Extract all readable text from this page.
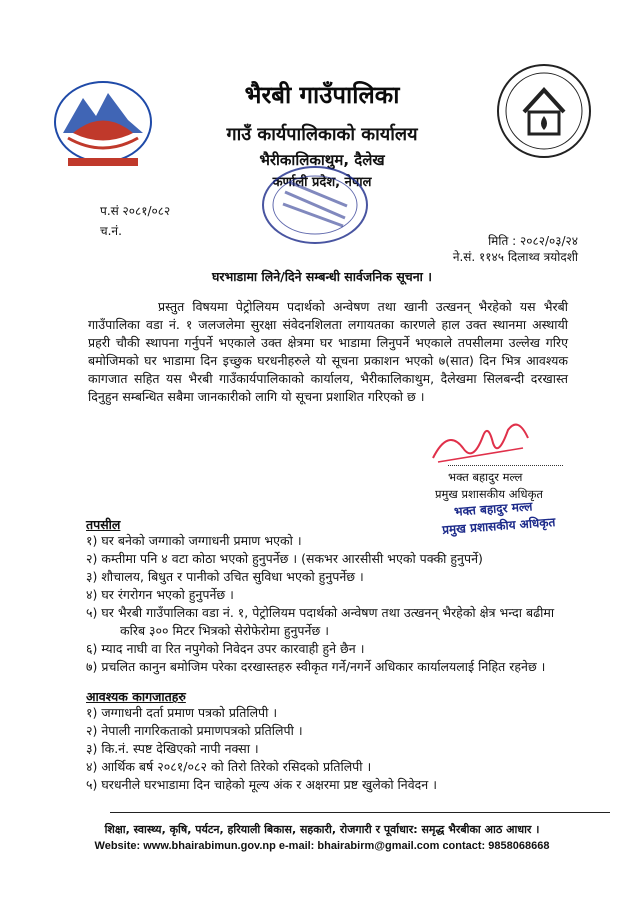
भैरबी गाउँपालिका
गाउँ कार्यपालिकाको कार्यालय
भैरीकालिकाथुम, दैलेख
कर्णाली प्रदेश, नेपाल
प.सं २०८१/०८२
च.नं.
मिति : २०८२/०३/२४
ने.सं. ११४५ दिलाथ्व त्रयोदशी
घरभाडामा लिने/दिने सम्बन्धी सार्वजनिक सूचना ।
प्रस्तुत विषयमा पेट्रोलियम पदार्थको अन्वेषण तथा खानी उत्खनन् भैरहेको यस भैरबी गाउँपालिका वडा नं. १ जलजलेमा सुरक्षा संवेदनशिलता लगायतका कारणले हाल उक्त स्थानमा अस्थायी प्रहरी चौकी स्थापना गर्नुपर्ने भएकाले उक्त क्षेत्रमा घर भाडामा लिनुपर्ने भएकाले तपसीलमा उल्लेख गरिए बमोजिमको घर भाडामा दिन इच्छुक घरधनीहरुले यो सूचना प्रकाशन भएको ७(सात) दिन भित्र आवश्यक कागजात सहित यस भैरबी गाउँकार्यपालिकाको कार्यालय, भैरीकालिकाथुम, दैलेखमा सिलबन्दी दरखास्त दिनुहुन सम्बन्धित सबैमा जानकारीको लागि यो सूचना प्रशाशित गरिएको छ ।
भक्त बहादुर मल्ल
प्रमुख प्रशासकीय अधिकृत
भक्त बहादुर मल्ल
प्रमुख प्रशासकीय अधिकृत
तपसील
१) घर बनेको जग्गाको जग्गाधनी प्रमाण भएको ।
२) कम्तीमा पनि ४ वटा कोठा भएको हुनुपर्नेछ । (सकभर आरसीसी भएको पक्की हुनुपर्ने)
३) शौचालय, बिधुत र पानीको उचित सुविधा भएको हुनुपर्नेछ ।
४) घर रंगरोगन भएको हुनुपर्नेछ ।
५) घर भैरबी गाउँपालिका वडा नं. १, पेट्रोलियम पदार्थको अन्वेषण तथा उत्खनन् भैरहेको क्षेत्र भन्दा बढीमा
करिब ३०० मिटर भित्रको सेरोफेरोमा हुनुपर्नेछ ।
६) म्याद नाघी वा रित नपुगेको निवेदन उपर कारवाही हुने छैन ।
७) प्रचलित कानुन बमोजिम परेका दरखास्तहरु स्वीकृत गर्ने/नगर्ने अधिकार कार्यालयलाई निहित रहनेछ ।
आवश्यक कागजातहरु
१) जग्गाधनी दर्ता प्रमाण पत्रको प्रतिलिपी ।
२) नेपाली नागरिकताको प्रमाणपत्रको प्रतिलिपी ।
३) कि.नं. स्पष्ट देखिएको नापी नक्सा ।
४) आर्थिक बर्ष २०८१/०८२ को तिरो तिरेको रसिदको प्रतिलिपी ।
५) घरधनीले घरभाडामा दिन चाहेको मूल्य अंक र अक्षरमा प्रष्ट खुलेको निवेदन ।
शिक्षा, स्वास्थ्य, कृषि, पर्यटन, हरियाली बिकास, सहकारी, रोजगारी र पूर्वाधार: समृद्ध भैरबीका आठ आधार ।
Website: www.bhairabimun.gov.np e-mail: bhairabirm@gmail.com contact: 9858068668
